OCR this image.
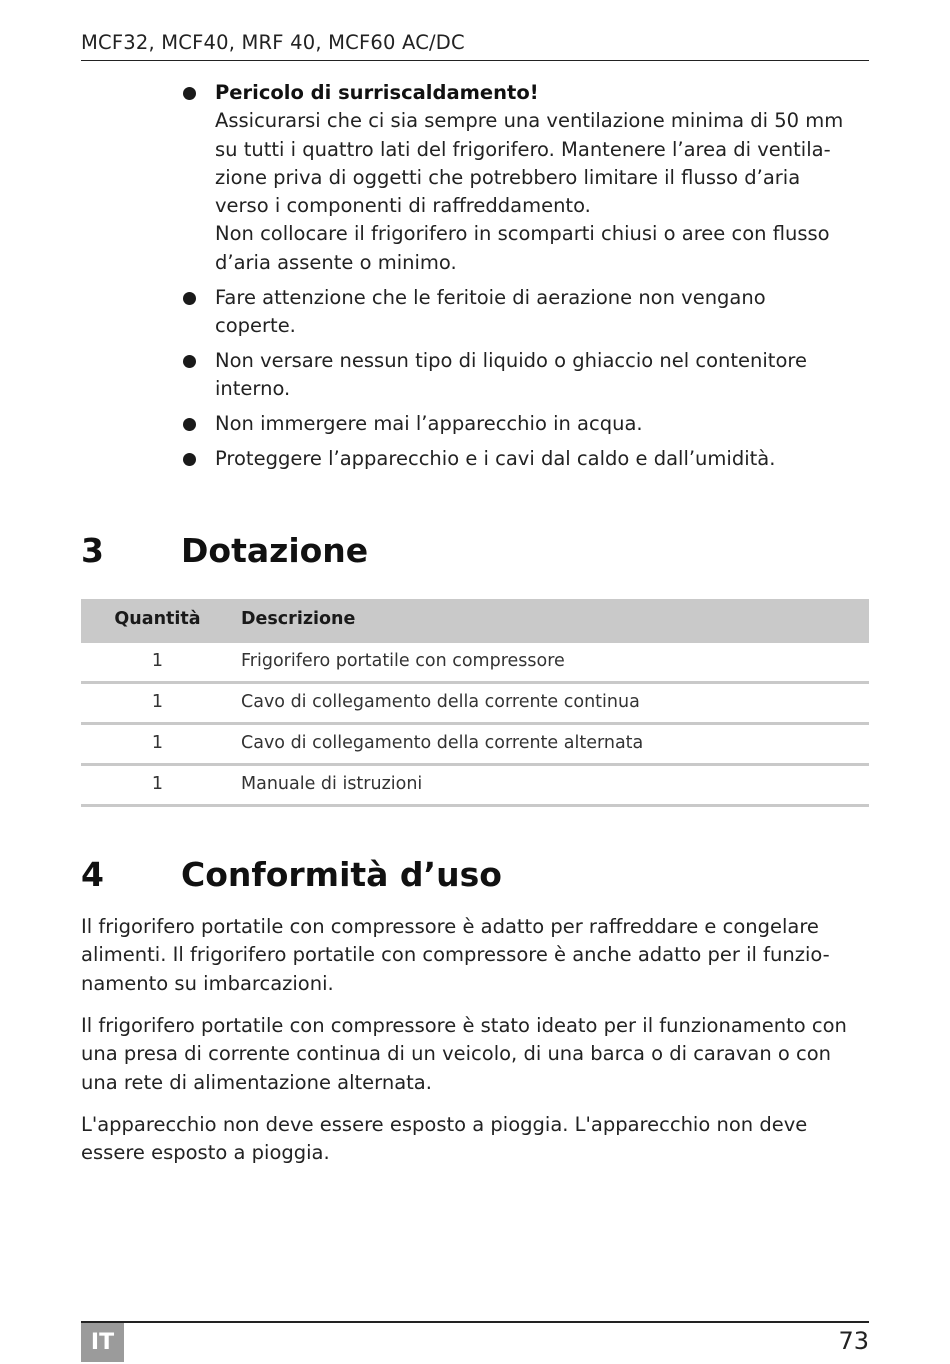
MCF32, MCF40, MRF 40, MCF60 AC/DC
Pericolo di surriscaldamento!
Assicurarsi che ci sia sempre una ventilazione minima di 50 mm
su tutti i quattro lati del frigorifero. Mantenere l’area di ventila-
zione priva di oggetti che potrebbero limitare il flusso d’aria
verso i componenti di raffreddamento.
Non collocare il frigorifero in scomparti chiusi o aree con flusso
d’aria assente o minimo.
Fare attenzione che le feritoie di aerazione non vengano
coperte.
Non versare nessun tipo di liquido o ghiaccio nel contenitore
interno.
Non immergere mai l’apparecchio in acqua.
Proteggere l’apparecchio e i cavi dal caldo e dall’umidità.
3 Dotazione
Quantità	Descrizione
1	Frigorifero portatile con compressore
1	Cavo di collegamento della corrente continua
1	Cavo di collegamento della corrente alternata
1	Manuale di istruzioni
4 Conformità d’uso
Il frigorifero portatile con compressore è adatto per raffreddare e congelare
alimenti. Il frigorifero portatile con compressore è anche adatto per il funzio-
namento su imbarcazioni.
Il frigorifero portatile con compressore è stato ideato per il funzionamento con
una presa di corrente continua di un veicolo, di una barca o di caravan o con
una rete di alimentazione alternata.
L'apparecchio non deve essere esposto a pioggia. L'apparecchio non deve
essere esposto a pioggia.
IT	73
